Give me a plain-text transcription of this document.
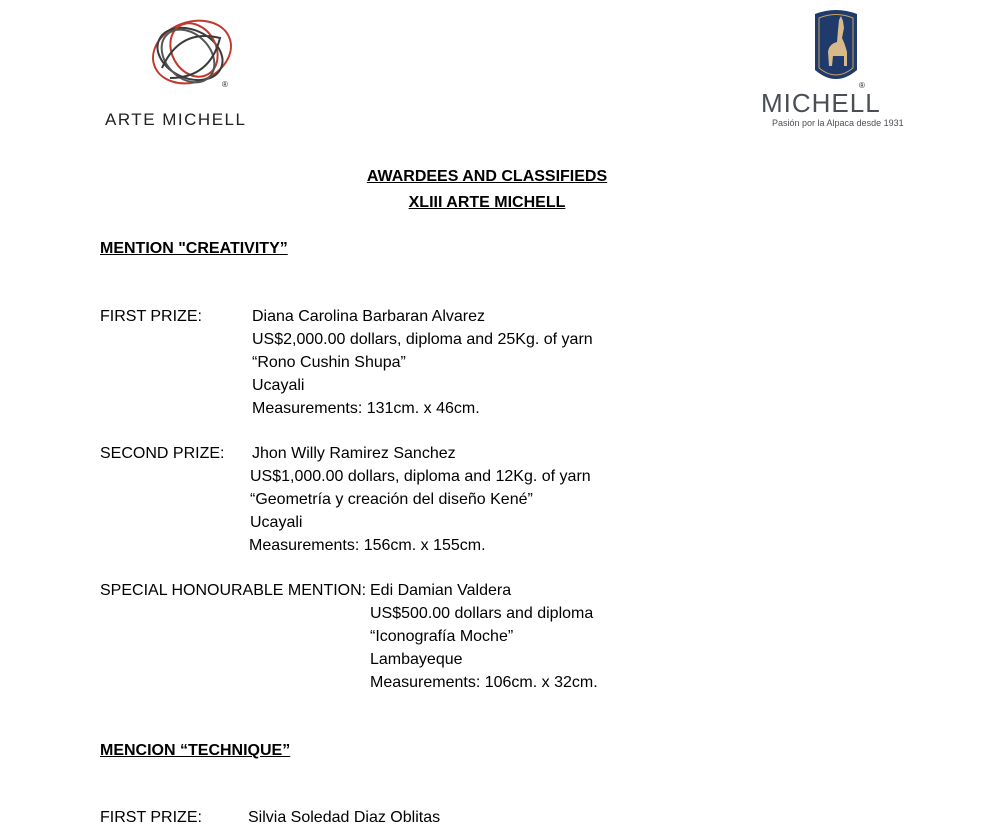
®
ARTE MICHELL
®
MICHELL
Pasión por la Alpaca desde 1931
AWARDEES AND CLASSIFIEDS
XLIII ARTE MICHELL
MENTION "CREATIVITY”
FIRST PRIZE:	Diana Carolina Barbaran Alvarez
US$2,000.00 dollars, diploma and 25Kg. of yarn
“Rono Cushin Shupa”
Ucayali
Measurements: 131cm. x 46cm.
SECOND PRIZE: Jhon Willy Ramirez Sanchez
US$1,000.00 dollars, diploma and 12Kg. of yarn
“Geometría y creación del diseño Kené”
Ucayali
Measurements: 156cm. x 155cm.
SPECIAL HONOURABLE MENTION: Edi Damian Valdera
US$500.00 dollars and diploma
“Iconografía Moche”
Lambayeque
Measurements: 106cm. x 32cm.
MENCION “TECHNIQUE”
FIRST PRIZE:	Silvia Soledad Diaz Oblitas
